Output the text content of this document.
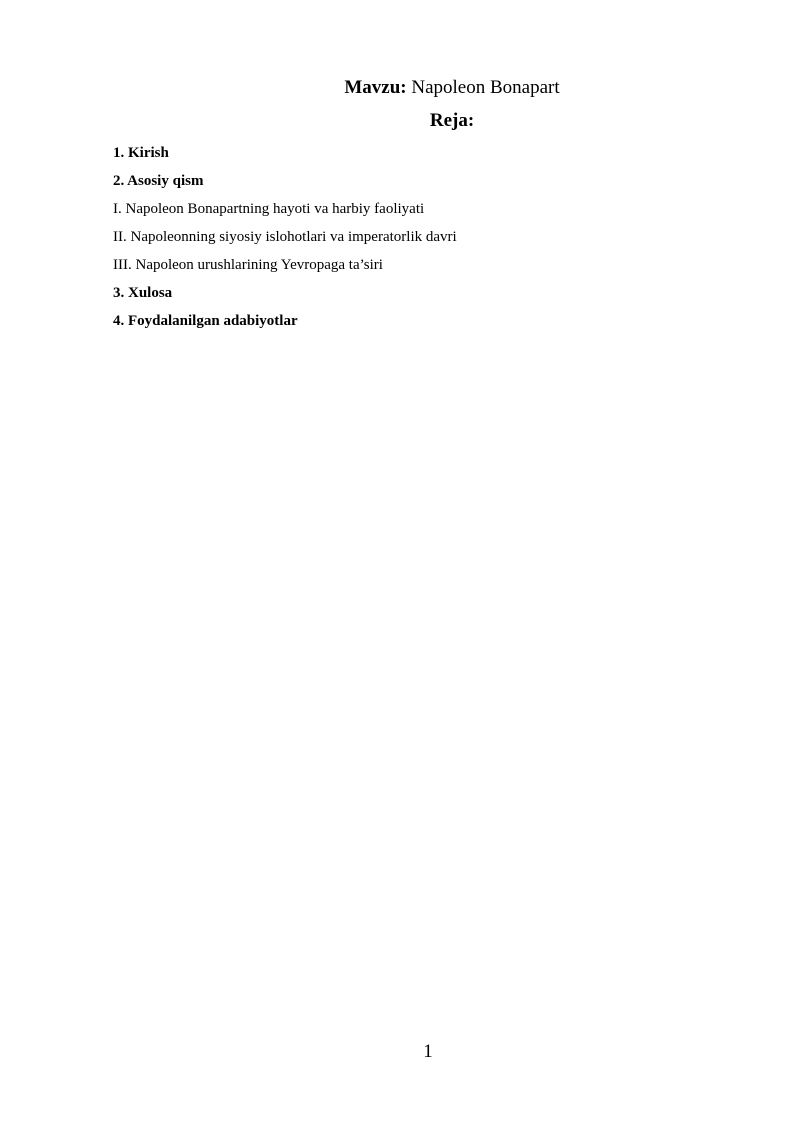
Mavzu: Napoleon Bonapart
Reja:
1. Kirish
2. Asosiy qism
I. Napoleon Bonapartning hayoti va harbiy faoliyati
II. Napoleonning siyosiy islohotlari va imperatorlik davri
III. Napoleon urushlarining Yevropaga ta’siri
3. Xulosa
4. Foydalanilgan adabiyotlar
1
